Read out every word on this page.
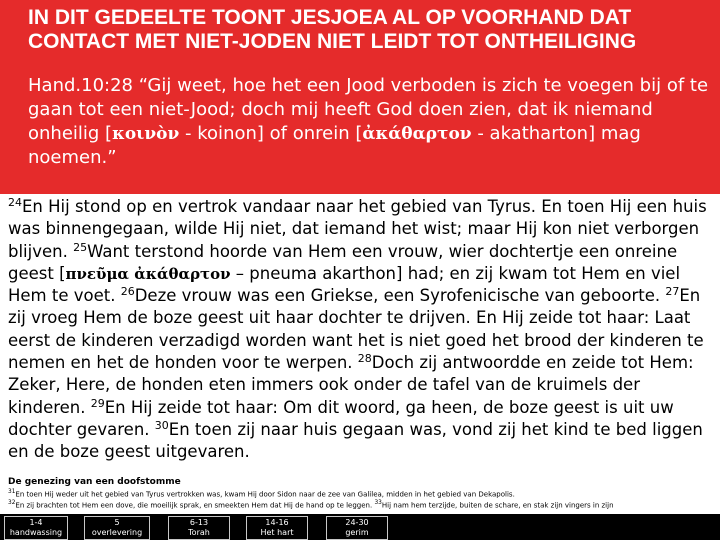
IN DIT GEDEELTE TOONT JESJOEA AL OP VOORHAND DAT CONTACT MET NIET-JODEN NIET LEIDT TOT ONTHEILIGING
Hand.10:28 “Gij weet, hoe het een Jood verboden is zich te voegen bij of te gaan tot een niet-Jood; doch mij heeft God doen zien, dat ik niemand onheilig [κοινὸν - koinon] of onrein [ἀκάθαρτον - akatharton] mag noemen.”
$^{24}$En Hij stond op en vertrok vandaar naar het gebied van Tyrus. En toen Hij een huis was binnengegaan, wilde Hij niet, dat iemand het wist; maar Hij kon niet verborgen blijven. $^{25}$Want terstond hoorde van Hem een vrouw, wier dochtertje een onreine geest [πνεῦμα ἀκάθαρτον – pneuma akarthon] had; en zij kwam tot Hem en viel Hem te voet. $^{26}$Deze vrouw was een Griekse, een Syrofenicische van geboorte. $^{27}$En zij vroeg Hem de boze geest uit haar dochter te drijven. En Hij zeide tot haar: Laat eerst de kinderen verzadigd worden want het is niet goed het brood der kinderen te nemen en het de honden voor te werpen. $^{28}$Doch zij antwoordde en zeide tot Hem: Zeker, Here, de honden eten immers ook onder de tafel van de kruimels der kinderen. $^{29}$En Hij zeide tot haar: Om dit woord, ga heen, de boze geest is uit uw dochter gevaren. $^{30}$En toen zij naar huis gegaan was, vond zij het kind te bed liggen en de boze geest uitgevaren.
De genezing van een doofstomme
$^{31}$En toen Hij weder uit het gebied van Tyrus vertrokken was, kwam Hij door Sidon naar de zee van Galilea, midden in het gebied van Dekapolis.
$^{32}$En zij brachten tot Hem een dove, die moeilijk sprak, en smeekten Hem dat Hij de hand op te leggen. $^{33}$Hij nam hem terzijde, buiten de schare, en stak zijn vingers in zijn
1-4
handwassing
5
overlevering
6-13
Torah
14-16
Het hart
24-30
gerim
